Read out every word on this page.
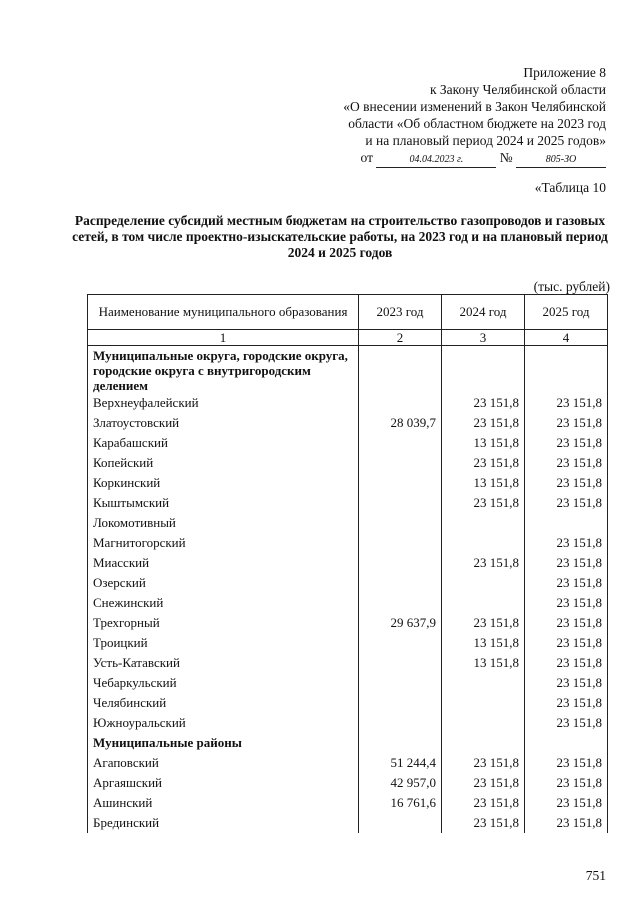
Приложение 8
к Закону Челябинской области
«О внесении изменений в Закон Челябинской
области «Об областном бюджете на 2023 год
и на плановый период 2024 и 2025 годов»
от	04.04.2023 г.	№	805-ЗО
«Таблица 10
Распределение субсидий местным бюджетам на строительство газопроводов и газовых сетей, в том числе проектно-изыскательские работы, на 2023 год и на плановый период 2024 и 2025 годов
(тыс. рублей)
Наименование муниципального образования	2023 год	2024 год	2025 год
1	2	3	4
Муниципальные округа, городские округа, городские округа с внутригородским делением			
Верхнеуфалейский		23 151,8	23 151,8
Златоустовский	28 039,7	23 151,8	23 151,8
Карабашский		13 151,8	23 151,8
Копейский		23 151,8	23 151,8
Коркинский		13 151,8	23 151,8
Кыштымский		23 151,8	23 151,8
Локомотивный			
Магнитогорский			23 151,8
Миасский		23 151,8	23 151,8
Озерский			23 151,8
Снежинский			23 151,8
Трехгорный	29 637,9	23 151,8	23 151,8
Троицкий		13 151,8	23 151,8
Усть-Катавский		13 151,8	23 151,8
Чебаркульский			23 151,8
Челябинский			23 151,8
Южноуральский			23 151,8
Муниципальные районы			
Агаповский	51 244,4	23 151,8	23 151,8
Аргаяшский	42 957,0	23 151,8	23 151,8
Ашинский	16 761,6	23 151,8	23 151,8
Брединский		23 151,8	23 151,8
751
